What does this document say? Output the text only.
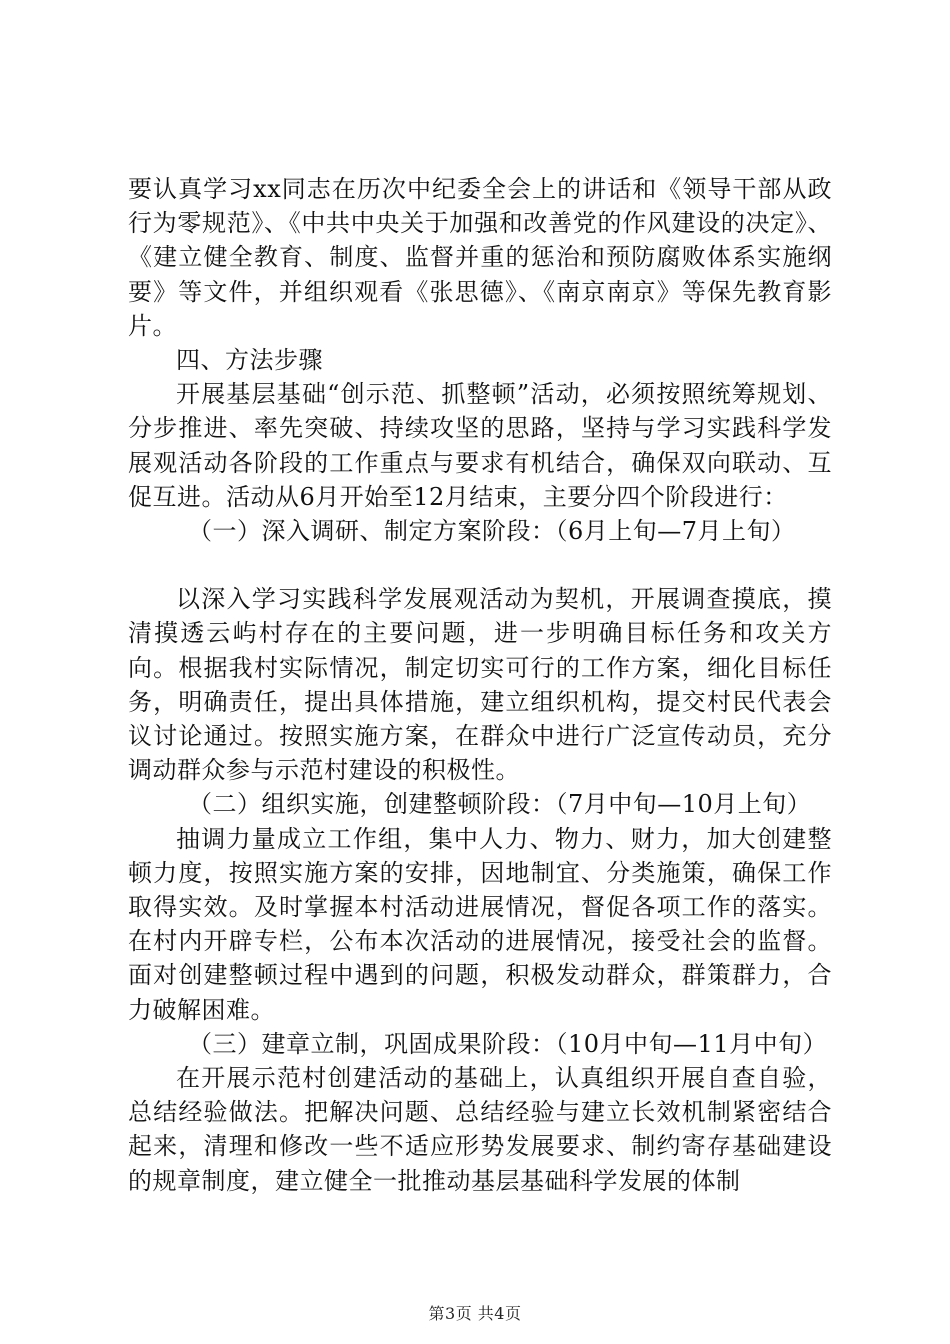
要认真学习xx同志在历次中纪委全会上的讲话和《领导干部从政行为零规范》、《中共中央关于加强和改善党的作风建设的决定》、《建立健全教育、制度、监督并重的惩治和预防腐败体系实施纲要》等文件，并组织观看《张思德》、《南京南京》等保先教育影片。

四、方法步骤

开展基层基础“创示范、抓整顿”活动，必须按照统筹规划、分步推进、率先突破、持续攻坚的思路，坚持与学习实践科学发展观活动各阶段的工作重点与要求有机结合，确保双向联动、互促互进。活动从6月开始至12月结束，主要分四个阶段进行：

（一）深入调研、制定方案阶段：（6月上旬—7月上旬）

以深入学习实践科学发展观活动为契机，开展调查摸底，摸清摸透云屿村存在的主要问题，进一步明确目标任务和攻关方向。根据我村实际情况，制定切实可行的工作方案，细化目标任务，明确责任，提出具体措施，建立组织机构，提交村民代表会议讨论通过。按照实施方案，在群众中进行广泛宣传动员，充分调动群众参与示范村建设的积极性。

（二）组织实施，创建整顿阶段：（7月中旬—10月上旬）

抽调力量成立工作组，集中人力、物力、财力，加大创建整顿力度，按照实施方案的安排，因地制宜、分类施策，确保工作取得实效。及时掌握本村活动进展情况，督促各项工作的落实。在村内开辟专栏，公布本次活动的进展情况，接受社会的监督。面对创建整顿过程中遇到的问题，积极发动群众，群策群力，合力破解困难。

（三）建章立制，巩固成果阶段：（10月中旬—11月中旬）

在开展示范村创建活动的基础上，认真组织开展自查自验，总结经验做法。把解决问题、总结经验与建立长效机制紧密结合起来，清理和修改一些不适应形势发展要求、制约寄存基础建设的规章制度，建立健全一批推动基层基础科学发展的体制

第3页 共4页
